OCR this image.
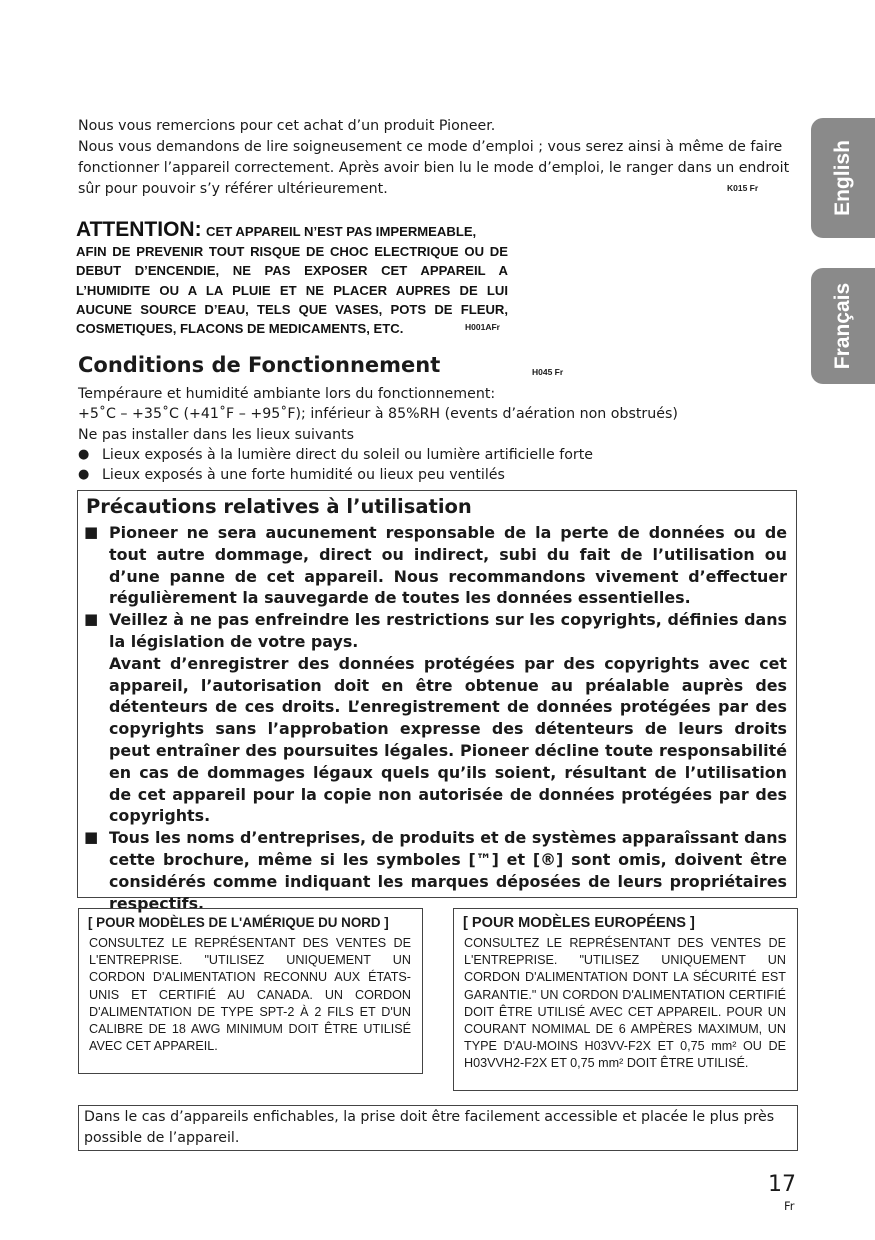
English
Français

Nous vous remercions pour cet achat d’un produit Pioneer.

Nous vous demandons de lire soigneusement ce mode d’emploi ; vous serez ainsi à même de faire fonctionner l’appareil correctement. Après avoir bien lu le mode d’emploi, le ranger dans un endroit sûr pour pouvoir s’y référer ultérieurement.	K015 Fr
ATTENTION: CET APPAREIL N’EST PAS IMPERMEABLE,
AFIN DE PREVENIR TOUT RISQUE DE CHOC ELECTRIQUE OU DE DEBUT D’ENCENDIE, NE PAS EXPOSER CET APPAREIL A L’HUMIDITE OU A LA PLUIE ET NE PLACER AUPRES DE LUI AUCUNE SOURCE D’EAU, TELS QUE VASES, POTS DE FLEUR, COSMETIQUES, FLACONS DE MEDICAMENTS, ETC.	H001AFr
Conditions de Fonctionnement	H045 Fr

Tempéraure et humidité ambiante lors du fonctionnement:

+5˚C – +35˚C (+41˚F – +95˚F); inférieur à 85%RH (events d’aération non obstrués)

Ne pas installer dans les lieux suivants

● Lieux exposés à la lumière direct du soleil ou lumière artificielle forte
● Lieux exposés à une forte humidité ou lieux peu ventilés
Précautions relatives à l’utilisation
■ Pioneer ne sera aucunement responsable de la perte de données ou de tout autre dommage, direct ou indirect, subi du fait de l’utilisation ou d’une panne de cet appareil. Nous recommandons vivement d’effectuer régulièrement la sauvegarde de toutes les données essentielles.

■ Veillez à ne pas enfreindre les restrictions sur les copyrights, définies dans la législation de votre pays.

Avant d’enregistrer des données protégées par des copyrights avec cet appareil, l’autorisation doit en être obtenue au préalable auprès des détenteurs de ces droits. L’enregistrement de données protégées par des copyrights sans l’approbation expresse des détenteurs de leurs droits peut entraîner des poursuites légales. Pioneer décline toute responsabilité en cas de dommages légaux quels qu’ils soient, résultant de l’utilisation de cet appareil pour la copie non autorisée de données protégées par des copyrights.

■ Tous les noms d’entreprises, de produits et de systèmes apparaîssant dans cette brochure, même si les symboles [™] et [®] sont omis, doivent être considérés comme indiquant les marques déposées de leurs propriétaires respectifs.

[ POUR MODÈLES DE L'AMÉRIQUE DU NORD ]
CONSULTEZ LE REPRÉSENTANT DES VENTES DE L'ENTREPRISE. "UTILISEZ UNIQUEMENT UN CORDON D'ALIMENTATION RECONNU AUX ÉTATS-UNIS ET CERTIFIÉ AU CANADA. UN CORDON D'ALIMENTATION DE TYPE SPT-2 À 2 FILS ET D'UN CALIBRE DE 18 AWG MINIMUM DOIT ÊTRE UTILISÉ AVEC CET APPAREIL.
[ POUR MODÈLES EUROPÉENS ]
CONSULTEZ LE REPRÉSENTANT DES VENTES DE L'ENTREPRISE. "UTILISEZ UNIQUEMENT UN CORDON D'ALIMENTATION DONT LA SÉCURITÉ EST GARANTIE." UN CORDON D'ALIMENTATION CERTIFIÉ DOIT ÊTRE UTILISÉ AVEC CET APPAREIL. POUR UN COURANT NOMIMAL DE 6 AMPÈRES MAXIMUM, UN TYPE D'AU-MOINS H03VV-F2X ET 0,75 mm² OU DE H03VVH2-F2X ET 0,75 mm² DOIT ÊTRE UTILISÉ.
Dans le cas d’appareils enfichables, la prise doit être facilement accessible et placée le plus près possible de l’appareil.
17
Fr
